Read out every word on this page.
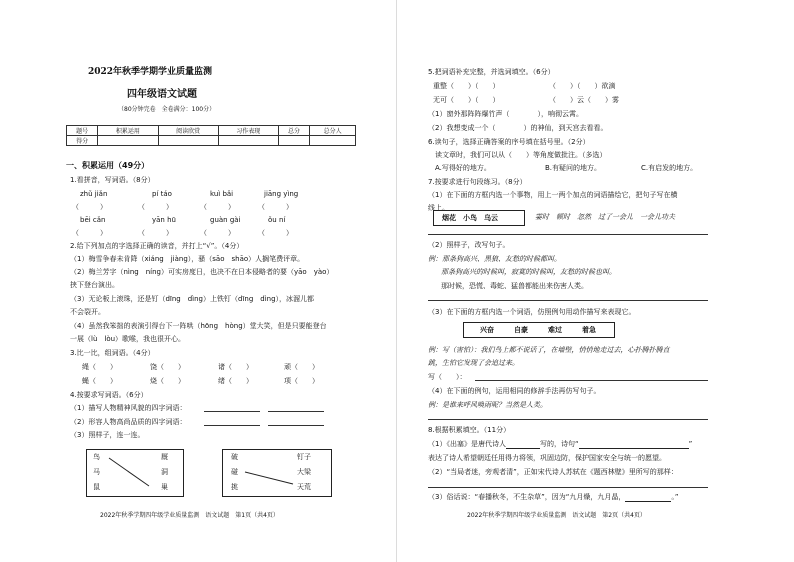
2022年秋季学期学业质量监测
四年级语文试题
（80分钟完卷　全卷满分：100分）
题号	积累运用	阅读欣赏	习作表现	总分	总分人
得分					
一、积累运用（49分）
1.看拼音，写词语。（8分）
zhǔ jiǎn	pí táo	kuì bǎi	jiāng yìng
（　　　）	（　　　）	（　　　）	（　　　）
bēi cǎn	yān hū	guàn gài	ǒu ní
（　　　）	（　　　）	（　　　）	（　　　）
2.给下列加点的字选择正确的读音，并打上“√”。（4分）
（1）梅雪争春未肯降（xiáng　jiàng），骚（sāo　shāo）人搁笔费评章。
（2）梅兰芳字（nìng　níng）可实房度日，也决不在日本侵略者的要（yāo　yào）
挟下登台演出。
（3）无论板上滚珠，还是钉（dīng　dìng）上铁钉（dīng　dìng），冰溜儿都
不会裂开。
（4）虽然我笨拙的表演引得台下一阵哄（hōng　hòng）堂大笑，但是只要能登台
一展（lù　lòu）歌喉，我也很开心。
3.比一比，组词语。（4分）
绳（　　）	饶（　　）	诸（　　）	顽（　　）
蝇（　　）	烧（　　）	绪（　　）	项（　　）
4.按要求写词语。（6分）
（1）描写人物精神风貌的四字词语：
（2）形容人物高尚品质的四字词语：
（3）照样子，连一连。
鸟
马
鼠
厩
洞
巢
破
碰
挑
钉子
大梁
天荒
2022年秋季学期四年级学业质量监测　语文试题　第1页（共4页）
5.把词语补充完整，并选词填空。（6分）
重整（　　）（　　）	（　　）（　　）欲滴
无可（　　）（　　）	（　　）云（　　）雾
（1）窗外那阵阵爆竹声（　　　　），响彻云霄。
（2）我想变成一个（　　　　）的神仙，到天宫去看看。
6.读句子，选择正确答案的序号填在括号里。（2分）
读文章时，我们可以从（　　）等角度做批注。（多选）
A.写得好的地方。	B.有疑问的地方。	C.有启发的地方。
7.按要求进行句段练习。（8分）
（1）在下面的方框内选一个事物，用上一两个加点的词语描绘它，把句子写在横
线上。
烟花　小鸟　乌云	霎时　顿时　忽然　过了一会儿　一会儿功夫
（2）照样子，改写句子。
例：那条狗高兴、黑狼、友愁的时候都叫。
那条狗高兴的时候叫，寂寞的时候叫，友愁的时候也叫。
那时候，恐慌、毒蛇、猛兽都能出来伤害人类。
（3）在下面的方框内选一个词语，仿照例句用动作描写来表现它。
兴奋	自豪	难过	着急
例：写（害怕）：我们鸟上都不说话了，在墙壁，悄悄地走过去，心扑腾扑腾直
跳，生怕它发现了会追过来。
写（　　）：
（4）在下面的例句，运用相同的修辞手法再仿写句子。
例：是谁来呼风唤雨呢？当然是人类。
8.根据积累填空。（11分）
（1）《出塞》是唐代诗人	写的，诗句“	”
表达了诗人希望朝廷任用得力将领，巩固边防，保护国家安全与统一的愿望。
（2）“当局者迷，旁观者清”，正如宋代诗人苏轼在《题西林壁》里所写的那样：
（3）俗话说：“春播秋冬，不生杂草”，因为“九月燥，九月晶，	。”
2022年秋季学期四年级学业质量监测　语文试题　第2页（共4页）
